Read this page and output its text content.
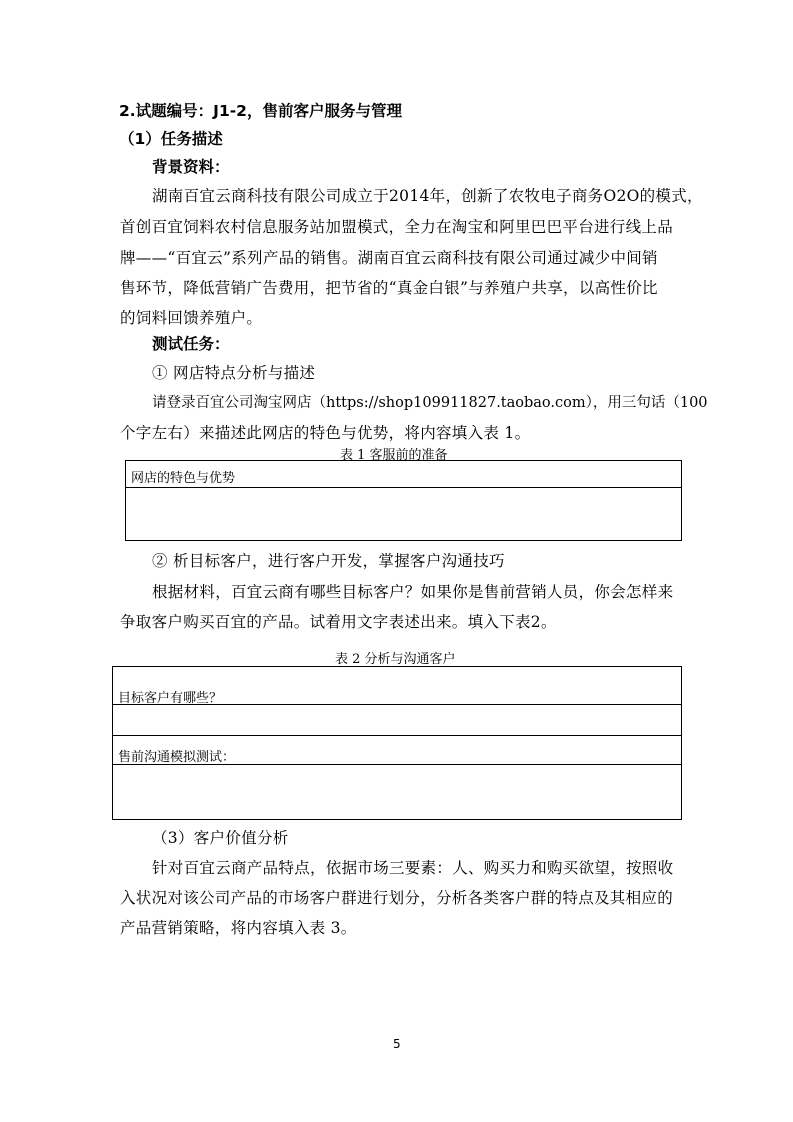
2.试题编号：J1-2，售前客户服务与管理
（1）任务描述
背景资料：
湖南百宜云商科技有限公司成立于2014年，创新了农牧电子商务O2O的模式，
首创百宜饲料农村信息服务站加盟模式，全力在淘宝和阿里巴巴平台进行线上品
牌——“百宜云”系列产品的销售。湖南百宜云商科技有限公司通过减少中间销
售环节，降低营销广告费用，把节省的“真金白银”与养殖户共享，以高性价比
的饲料回馈养殖户。
测试任务：
① 网店特点分析与描述
请登录百宜公司淘宝网店（https://shop109911827.taobao.com），用三句话（100
个字左右）来描述此网店的特色与优势，将内容填入表 1。
表 1 客服前的准备
网店的特色与优势
② 析目标客户，进行客户开发，掌握客户沟通技巧
根据材料，百宜云商有哪些目标客户？如果你是售前营销人员，你会怎样来
争取客户购买百宜的产品。试着用文字表述出来。填入下表2。
表 2 分析与沟通客户
目标客户有哪些？
售前沟通模拟测试：
（3）客户价值分析
针对百宜云商产品特点，依据市场三要素：人、购买力和购买欲望，按照收
入状况对该公司产品的市场客户群进行划分，分析各类客户群的特点及其相应的
产品营销策略，将内容填入表 3。
5
